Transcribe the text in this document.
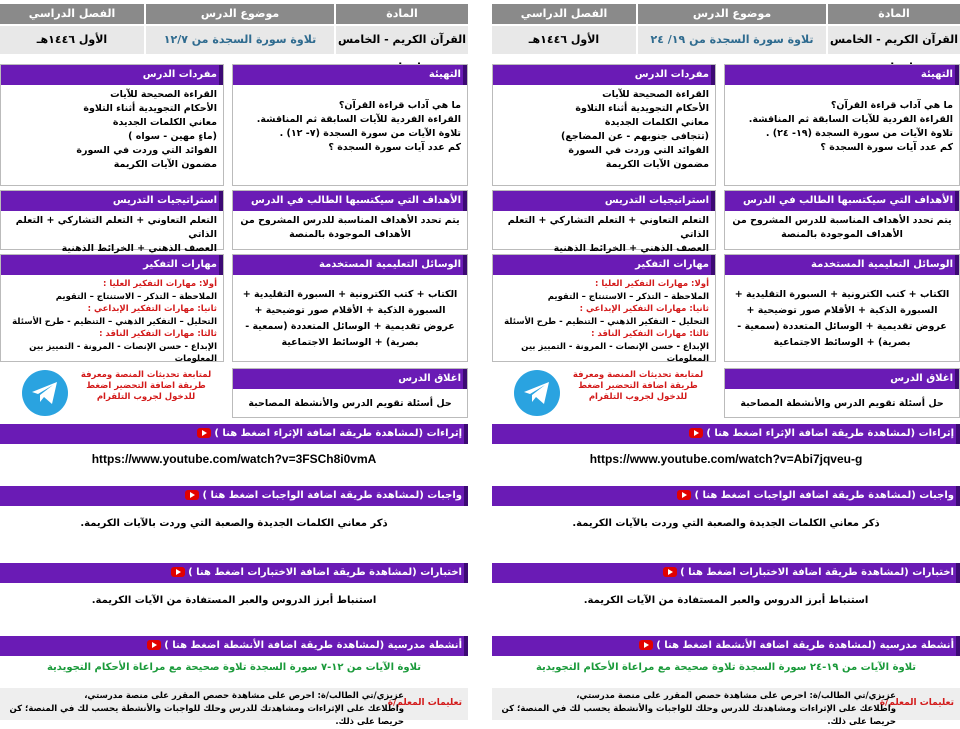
المادة
موضوع الدرس
الفصل الدراسي
القرآن الكريم - الخامس
تلاوة سورة السجدة من ١٩/ ٢٤
الأول ١٤٤٦هـ
التهيئة
ما هي آداب قراءة القرآن؟
القراءة الفردية للآيات السابقة ثم المناقشة.
تلاوة الآيات من سورة السجدة (١٩- ٢٤) .
كم عدد آيات سورة السجدة ؟
مفردات الدرس
القراءة الصحيحة للآيات
الأحكام التجويدية أثناء التلاوة
معاني الكلمات الجديدة
(تتجافى جنوبهم - عن المضاجع)
الفوائد التي وردت في السورة
مضمون الآيات الكريمة
الأهداف التي سيكتسبها الطالب في الدرس
يتم تحدد الأهداف المناسبة للدرس المشروح من الأهداف الموجودة بالمنصة
استراتيجيات التدريس
التعلم التعاوني + التعلم التشاركي + التعلم الذاتي
العصف الذهني + الخرائط الذهنية
الوسائل التعليمية المستخدمة
الكتاب + كتب الكترونية + السبورة التقليدية + السبورة الذكية + الأقلام صور توضيحية + عروض تقديمية + الوسائل المتعددة (سمعية - بصرية) + الوسائط الاجتماعية
مهارات التفكير
أولا: مهارات التفكير العليا :
الملاحظة – التذكر – الاستنتاج – التقويم
ثانيا: مهارات التفكير الإبداعي :
التحليل – التفكير الذهني – التنظيم - طرح الأسئلة
ثالثا: مهارات التفكير الناقد :
الإبداع - حسن الإنصات - المرونة - التمييز بين المعلومات
لمتابعة تحديثات المنصة ومعرفة طريقة اضافة التحضير اضغط للدخول لجروب التلقرام
اغلاق الدرس
حل أسئلة تقويم الدرس والأنشطة المصاحبة
إثراءات (لمشاهدة طريقة اضافة الإثراء اضغط هنا )
https://www.youtube.com/watch?v=Abi7jqveu-g
واجبات (لمشاهدة طريقة اضافة الواجبات اضغط هنا )
ذكر معاني الكلمات الجديدة والصعبة التي وردت بالآيات الكريمة.
اختبارات (لمشاهدة طريقة اضافة الاختبارات اضغط هنا )
استنباط أبرز الدروس والعبر المستفادة من الآيات الكريمة.
أنشطة مدرسية (لمشاهدة طريقة اضافة الأنشطة اضغط هنا )
تلاوة الآيات من ١٩-٢٤ سورة السجدة تلاوة صحيحة مع مراعاة الأحكام التجويدية
تعليمات المعلم/ة
عزيزي/تي الطالب/ة: احرص على مشاهدة حصص المقرر على منصة مدرستي،
واطلاعك على الإثراءات ومشاهدتك للدرس وحلك للواجبات والأنشطة يحسب لك في المنصة؛ كن حريصا على ذلك.
المادة
موضوع الدرس
الفصل الدراسي
القرآن الكريم - الخامس
تلاوة سورة السجدة من ١٢/٧
الأول ١٤٤٦هـ
التهيئة
ما هي آداب قراءة القرآن؟
القراءة الفردية للآيات السابقة ثم المناقشة.
تلاوة الآيات من سورة السجدة (٧- ١٢) .
كم عدد آيات سورة السجدة ؟
مفردات الدرس
القراءة الصحيحة للآيات
الأحكام التجويدية أثناء التلاوة
معاني الكلمات الجديدة
(ماءٍ مهين - سواه )
الفوائد التي وردت في السورة
مضمون الآيات الكريمة
الأهداف التي سيكتسبها الطالب في الدرس
يتم تحدد الأهداف المناسبة للدرس المشروح من الأهداف الموجودة بالمنصة
استراتيجيات التدريس
التعلم التعاوني + التعلم التشاركي + التعلم الذاتي
العصف الذهني + الخرائط الذهنية
الوسائل التعليمية المستخدمة
الكتاب + كتب الكترونية + السبورة التقليدية + السبورة الذكية + الأقلام صور توضيحية + عروض تقديمية + الوسائل المتعددة (سمعية - بصرية) + الوسائط الاجتماعية
مهارات التفكير
أولا: مهارات التفكير العليا :
الملاحظة – التذكر – الاستنتاج – التقويم
ثانيا: مهارات التفكير الإبداعي :
التحليل – التفكير الذهني – التنظيم - طرح الأسئلة
ثالثا: مهارات التفكير الناقد :
الإبداع - حسن الإنصات - المرونة - التمييز بين المعلومات
لمتابعة تحديثات المنصة ومعرفة طريقة اضافة التحضير اضغط للدخول لجروب التلقرام
اغلاق الدرس
حل أسئلة تقويم الدرس والأنشطة المصاحبة
إثراءات (لمشاهدة طريقة اضافة الإثراء اضغط هنا )
https://www.youtube.com/watch?v=3FSCh8i0vmA
واجبات (لمشاهدة طريقة اضافة الواجبات اضغط هنا )
ذكر معاني الكلمات الجديدة والصعبة التي وردت بالآيات الكريمة.
اختبارات (لمشاهدة طريقة اضافة الاختبارات اضغط هنا )
استنباط أبرز الدروس والعبر المستفادة من الآيات الكريمة.
أنشطة مدرسية (لمشاهدة طريقة اضافة الأنشطة اضغط هنا )
تلاوة الآيات من ١٢-٧ سورة السجدة تلاوة صحيحة مع مراعاة الأحكام التجويدية
تعليمات المعلم/ة
عزيزي/تي الطالب/ة: احرص على مشاهدة حصص المقرر على منصة مدرستي،
واطلاعك على الإثراءات ومشاهدتك للدرس وحلك للواجبات والأنشطة يحسب لك في المنصة؛ كن حريصا على ذلك.
